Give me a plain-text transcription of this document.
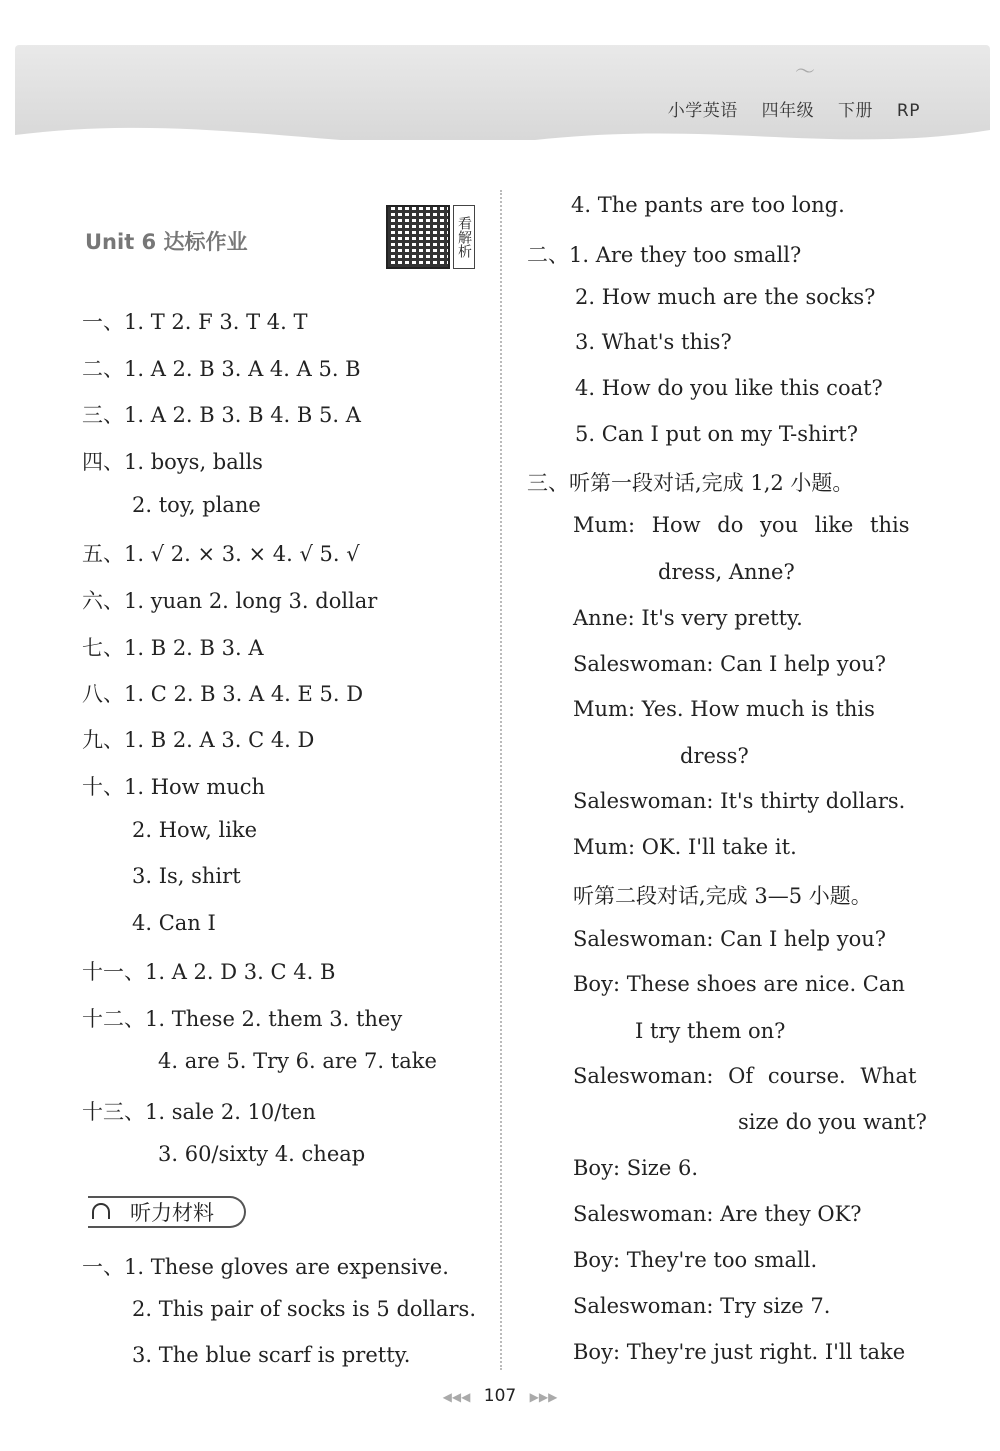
〜
小学英语 四年级 下册 RP
Unit 6 达标作业	看解析
一、1. T 2. F 3. T 4. T
二、1. A 2. B 3. A 4. A 5. B
三、1. A 2. B 3. B 4. B 5. A
四、1. boys, balls
2. toy, plane
五、1. √ 2. × 3. × 4. √ 5. √
六、1. yuan 2. long 3. dollar
七、1. B 2. B 3. A
八、1. C 2. B 3. A 4. E 5. D
九、1. B 2. A 3. C 4. D
十、1. How much
2. How, like
3. Is, shirt
4. Can I
十一、1. A 2. D 3. C 4. B
十二、1. These 2. them 3. they
4. are 5. Try 6. are 7. take
十三、1. sale 2. 10/ten
3. 60/sixty 4. cheap
听力材料
一、1. These gloves are expensive.
2. This pair of socks is 5 dollars.
3. The blue scarf is pretty.
4. The pants are too long.
二、1. Are they too small?
2. How much are the socks?
3. What's this?
4. How do you like this coat?
5. Can I put on my T-shirt?
三、听第一段对话,完成 1,2 小题。
Mum: How do you like this
dress, Anne?
Anne: It's very pretty.
Saleswoman: Can I help you?
Mum: Yes. How much is this
dress?
Saleswoman: It's thirty dollars.
Mum: OK. I'll take it.
听第二段对话,完成 3—5 小题。
Saleswoman: Can I help you?
Boy: These shoes are nice. Can
I try them on?
Saleswoman: Of course. What
size do you want?
Boy: Size 6.
Saleswoman: Are they OK?
Boy: They're too small.
Saleswoman: Try size 7.
Boy: They're just right. I'll take
◀◀◀ 107 ▶▶▶
